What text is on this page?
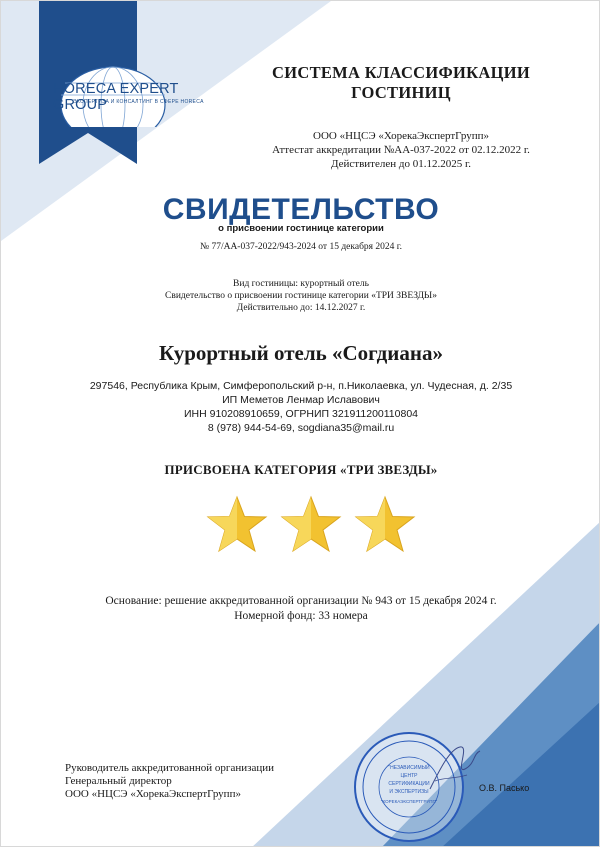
HORECA EXPERT GROUP
ЭКСПЕРТИЗА И КОНСАЛТИНГ В СФЕРЕ HORECA
СИСТЕМА КЛАССИФИКАЦИИ
ГОСТИНИЦ
ООО «НЦСЭ «ХорекаЭкспертГрупп»
Аттестат аккредитации №АА-037-2022 от 02.12.2022 г.
Действителен до 01.12.2025 г.
СВИДЕТЕЛЬСТВО
о присвоении гостинице категории
№ 77/АА-037-2022/943-2024 от 15 декабря 2024 г.
Вид гостиницы: курортный отель
Свидетельство о присвоении гостинице категории «ТРИ ЗВЕЗДЫ»
Действительно до: 14.12.2027 г.
Курортный отель «Согдиана»
297546, Республика Крым, Симферопольский р-н, п.Николаевка, ул. Чудесная, д. 2/35
ИП Меметов Ленмар Иславович
ИНН 910208910659, ОГРНИП 321911200110804
8 (978) 944-54-69, sogdiana35@mail.ru
ПРИСВОЕНА КАТЕГОРИЯ «ТРИ ЗВЕЗДЫ»
Основание: решение аккредитованной организации № 943 от 15 декабря 2024 г.
Номерной фонд: 33 номера
Руководитель аккредитованной организации
Генеральный директор
ООО «НЦСЭ «ХорекаЭкспертГрупп»
"НЕЗАВИСИМЫЙ
ЦЕНТР
СЕРТИФИКАЦИИ
И ЭКСПЕРТИЗЫ
"ХОРЕКАЭКСПЕРТГРУПП"
О.В. Пасько
